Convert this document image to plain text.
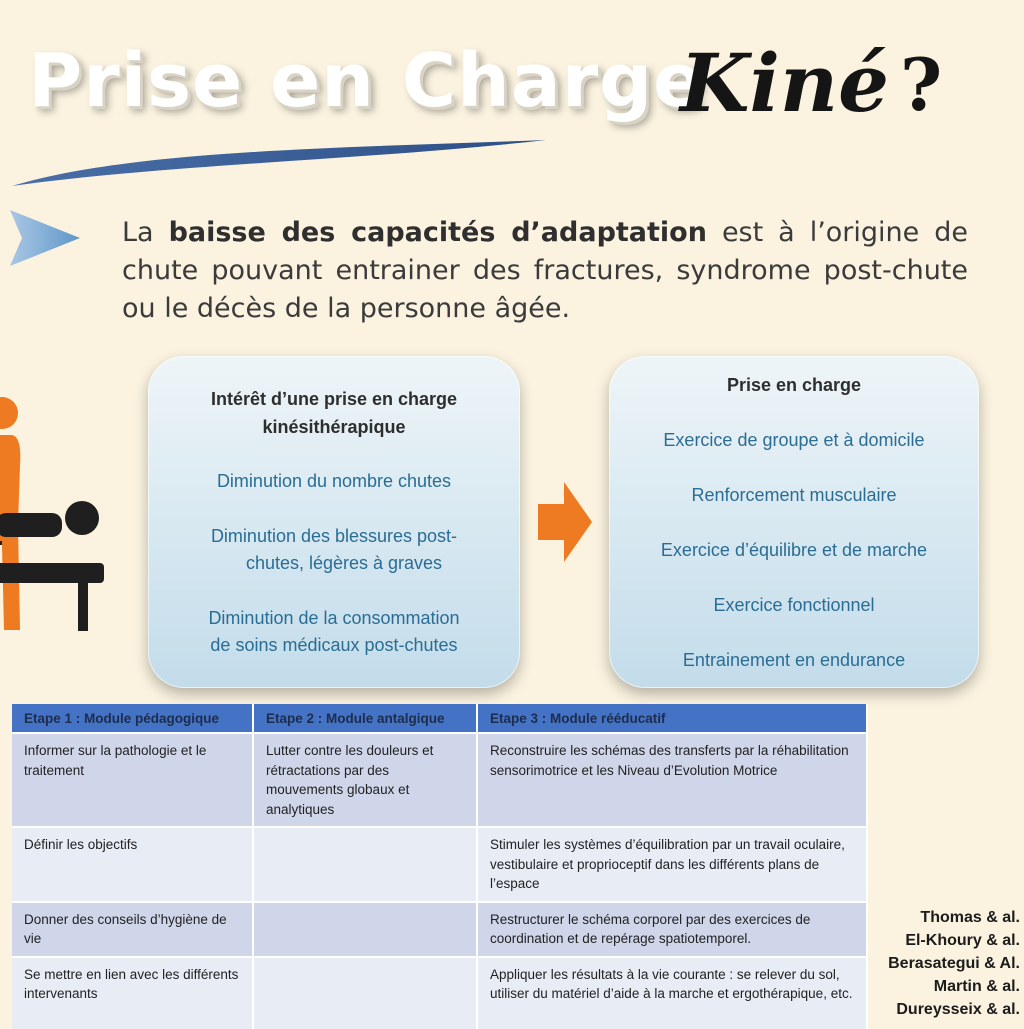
Prise en Charge
Kiné ?
La baisse des capacités d’adaptation est à l’origine de chute pouvant entrainer des fractures, syndrome post-chute ou le décès de la personne âgée.
Intérêt d’une prise en charge
kinésithérapique
Diminution du nombre chutes
Diminution des blessures post-
chutes, légères à graves
Diminution de la consommation
de soins médicaux post-chutes
Prise en charge
Exercice de groupe et à domicile
Renforcement musculaire
Exercice d’équilibre et de marche
Exercice fonctionnel
Entrainement en endurance
Etape 1 : Module pédagogique	Etape 2 : Module antalgique	Etape 3 : Module rééducatif
Informer sur la pathologie et le traitement	Lutter contre les douleurs et rétractations par des mouvements globaux et analytiques	Reconstruire les schémas des transferts par la réhabilitation sensorimotrice et les Niveau d’Evolution Motrice
Définir les objectifs		Stimuler les systèmes d’équilibration par un travail oculaire, vestibulaire et proprioceptif dans les différents plans de l’espace
Donner des conseils d’hygiène de vie		Restructurer le schéma corporel par des exercices de coordination et de repérage spatiotemporel.
Se mettre en lien avec les différents intervenants		Appliquer les résultats à la vie courante : se relever du sol, utiliser du matériel d’aide à la marche et ergothérapique, etc.
Thomas & al.
El-Khoury & al.
Berasategui & Al.
Martin & al.
Dureysseix & al.
